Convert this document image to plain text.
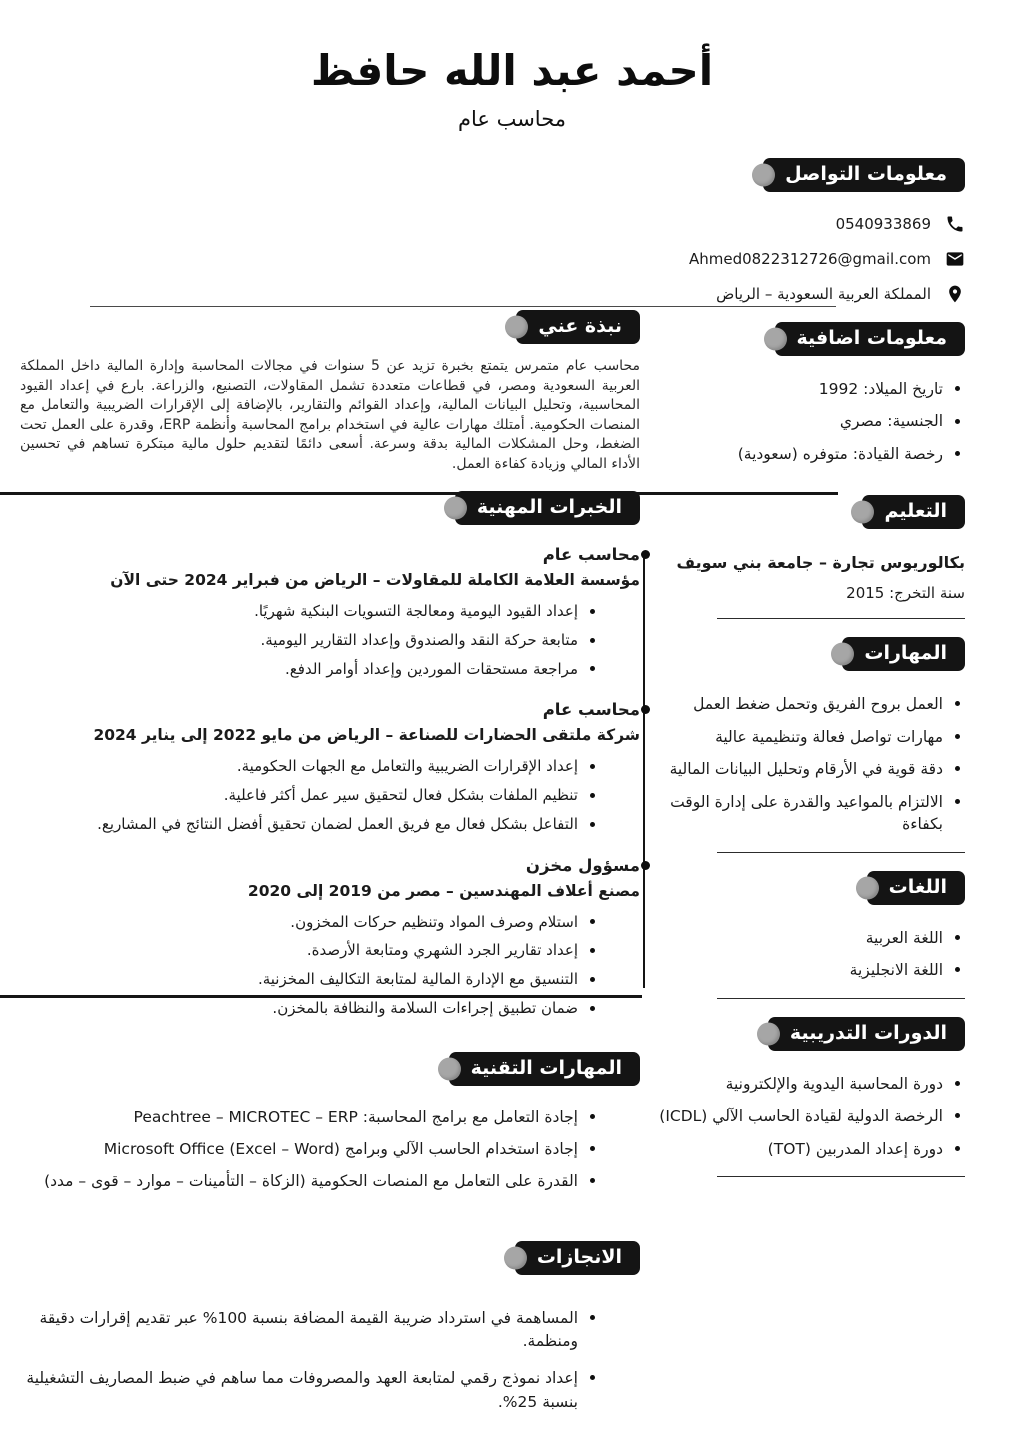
أحمد عبد الله حافظ
محاسب عام
معلومات التواصل
0540933869
Ahmed0822312726@gmail.com
المملكة العربية السعودية – الرياض
معلومات اضافية
تاريخ الميلاد: 1992
الجنسية: مصري
رخصة القيادة: متوفره (سعودية)
التعليم
بكالوريوس تجارة – جامعة بني سويف
سنة التخرج: 2015
المهارات
العمل بروح الفريق وتحمل ضغط العمل
مهارات تواصل فعالة وتنظيمية عالية
دقة قوية في الأرقام وتحليل البيانات المالية
الالتزام بالمواعيد والقدرة على إدارة الوقت بكفاءة
اللغات
اللغة العربية
اللغة الانجليزية
الدورات التدريبية
دورة المحاسبة اليدوية والإلكترونية
الرخصة الدولية لقيادة الحاسب الآلي (ICDL)
دورة إعداد المدربين (TOT)
نبذة عني

محاسب عام متمرس يتمتع بخبرة تزيد عن 5 سنوات في مجالات المحاسبة وإدارة المالية داخل المملكة العربية السعودية ومصر، في قطاعات متعددة تشمل المقاولات، التصنيع، والزراعة. بارع في إعداد القيود المحاسبية، وتحليل البيانات المالية، وإعداد القوائم والتقارير، بالإضافة إلى الإقرارات الضريبية والتعامل مع المنصات الحكومية. أمتلك مهارات عالية في استخدام برامج المحاسبة وأنظمة ERP، وقدرة على العمل تحت الضغط، وحل المشكلات المالية بدقة وسرعة. أسعى دائمًا لتقديم حلول مالية مبتكرة تساهم في تحسين الأداء المالي وزيادة كفاءة العمل.

الخبرات المهنية
محاسب عام
مؤسسة العلامة الكاملة للمقاولات – الرياض من فبراير 2024 حتى الآن
إعداد القيود اليومية ومعالجة التسويات البنكية شهريًا.
متابعة حركة النقد والصندوق وإعداد التقارير اليومية.
مراجعة مستحقات الموردين وإعداد أوامر الدفع.
محاسب عام
شركة ملتقى الحضارات للصناعة – الرياض من مايو 2022 إلى يناير 2024
إعداد الإقرارات الضريبية والتعامل مع الجهات الحكومية.
تنظيم الملفات بشكل فعال لتحقيق سير عمل أكثر فاعلية.
التفاعل بشكل فعال مع فريق العمل لضمان تحقيق أفضل النتائج في المشاريع.
مسؤول مخزن
مصنع أعلاف المهندسين – مصر من 2019 إلى 2020
استلام وصرف المواد وتنظيم حركات المخزون.
إعداد تقارير الجرد الشهري ومتابعة الأرصدة.
التنسيق مع الإدارة المالية لمتابعة التكاليف المخزنية.
ضمان تطبيق إجراءات السلامة والنظافة بالمخزن.
المهارات التقنية
إجادة التعامل مع برامج المحاسبة: Peachtree – MICROTEC – ERP
إجادة استخدام الحاسب الآلي وبرامج Microsoft Office (Excel – Word)
القدرة على التعامل مع المنصات الحكومية (الزكاة – التأمينات – موارد – قوى – مدد)
الانجازات
المساهمة في استرداد ضريبة القيمة المضافة بنسبة 100% عبر تقديم إقرارات دقيقة ومنظمة.
إعداد نموذج رقمي لمتابعة العهد والمصروفات مما ساهم في ضبط المصاريف التشغيلية بنسبة 25%.
